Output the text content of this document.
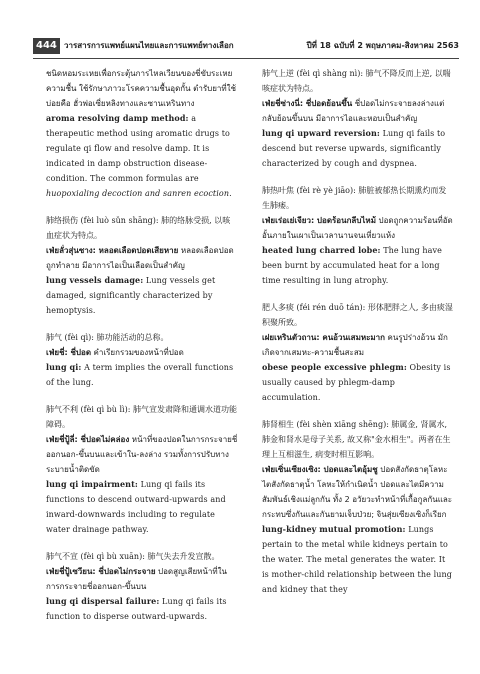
444 วารสารการแพทย์แผนไทยและการแพทย์ทางเลือก	ปีที่ 18 ฉบับที่ 2 พฤษภาคม-สิงหาคม 2563

ชนิดหอมระเหยเพื่อกระตุ้นการไหลเวียนของชี่ขับระเหยความชื้น ใช้รักษาภาวะโรคความชื้นอุดกั้น ตำรับยาที่ใช้บ่อยคือ ฮั่วพ่อเซี่ยหลิงทางและซานเหรินทาง

aroma resolving damp method: a therapeutic method using aromatic drugs to regulate qi flow and resolve damp. It is indicated in damp obstruction disease-condition. The common formulas are huopoxialing decoction and sanren ecoction.

肺络损伤 (fèi luò sǔn shāng): 肺的络脉受损, 以咳血症状为特点。

เฟ่ยลั่วสุ่นซาง: หลอดเลือดปอดเสียหาย หลอดเลือดปอดถูกทำลาย มีอาการไอเป็นเลือดเป็นสำคัญ

lung vessels damage: Lung vessels get damaged, significantly characterized by hemoptysis.

肺气 (fèi qì): 肺功能活动的总称。

เฟ่ยชี่: ชี่ปอด คำเรียกรวมของหน้าที่ปอด

lung qi: A term implies the overall functions of the lung.

肺气不利 (fèi qì bù lì): 肺气宣发肃降和通调水道功能障碍。

เฟ่ยชี่ปู้ลี่: ชี่ปอดไม่คล่อง หน้าที่ของปอดในการกระจายชี่ออกนอก-ขึ้นบนและเข้าใน-ลงล่าง รวมทั้งการปรับทางระบายน้ำติดขัด

lung qi impairment: Lung qi fails its functions to descend outward-upwards and inward-downwards including to regulate water drainage pathway.

肺气不宣 (fèi qì bù xuān): 肺气失去升发宣散。

เฟ่ยชี่ปู้เซวียน: ชี่ปอดไม่กระจาย ปอดสูญเสียหน้าที่ในการกระจายชี่ออกนอก-ขึ้นบน

lung qi dispersal failure: Lung qi fails its function to disperse outward-upwards.

肺气上逆 (fèi qì shàng nì): 肺气不降反而上逆, 以喘咳症状为特点。

เฟ่ยชี่ซ่างนี่: ชี่ปอดย้อนขึ้น ชี่ปอดไม่กระจายลงล่างแต่กลับย้อนขึ้นบน มีอาการไอและหอบเป็นสำคัญ

lung qi upward reversion: Lung qi fails to descend but reverse upwards, significantly characterized by cough and dyspnea.

肺热叶焦 (fèi rè yè jiāo): 肺脏被郁热长期熏灼而发生肺痿。

เฟ่ยเร่อเย่เจียว: ปอดร้อนกลีบไหม้ ปอดถูกความร้อนที่อัดอั้นภายในเผาเป็นเวลานานจนเหี่ยวแห้ง

heated lung charred lobe: The lung have been burnt by accumulated heat for a long time resulting in lung atrophy.

肥人多痰 (féi rén duō tán): 形体肥胖之人, 多由痰湿积聚所致。

เฝยเหรินตัวถาน: คนอ้วนเสมหะมาก คนรูปร่างอ้วน มักเกิดจากเสมหะ-ความชื้นสะสม

obese people excessive phlegm: Obesity is usually caused by phlegm-damp accumulation.

肺肾相生 (fèi shèn xiāng shēng): 肺属金, 肾属水, 肺金和肾水是母子关系, 故又称"金水相生"。两者在生理上互相滋生, 病变时相互影响。

เฟ่ยเซิ่นเซียงเซิง: ปอดและไตอุ้มชู ปอดสังกัดธาตุโลหะ ไตสังกัดธาตุน้ำ โลหะให้กำเนิดน้ำ ปอดและไตมีความสัมพันธ์เชิงแม่ลูกกัน ทั้ง 2 อวัยวะทำหน้าที่เกื้อกูลกันและกระทบซึ่งกันและกันยามเจ็บป่วย; จินสุ่ยเซียงเซิงก็เรียก

lung-kidney mutual promotion: Lungs pertain to the metal while kidneys pertain to the water. The metal generates the water. It is mother-child relationship between the lung and kidney that they
